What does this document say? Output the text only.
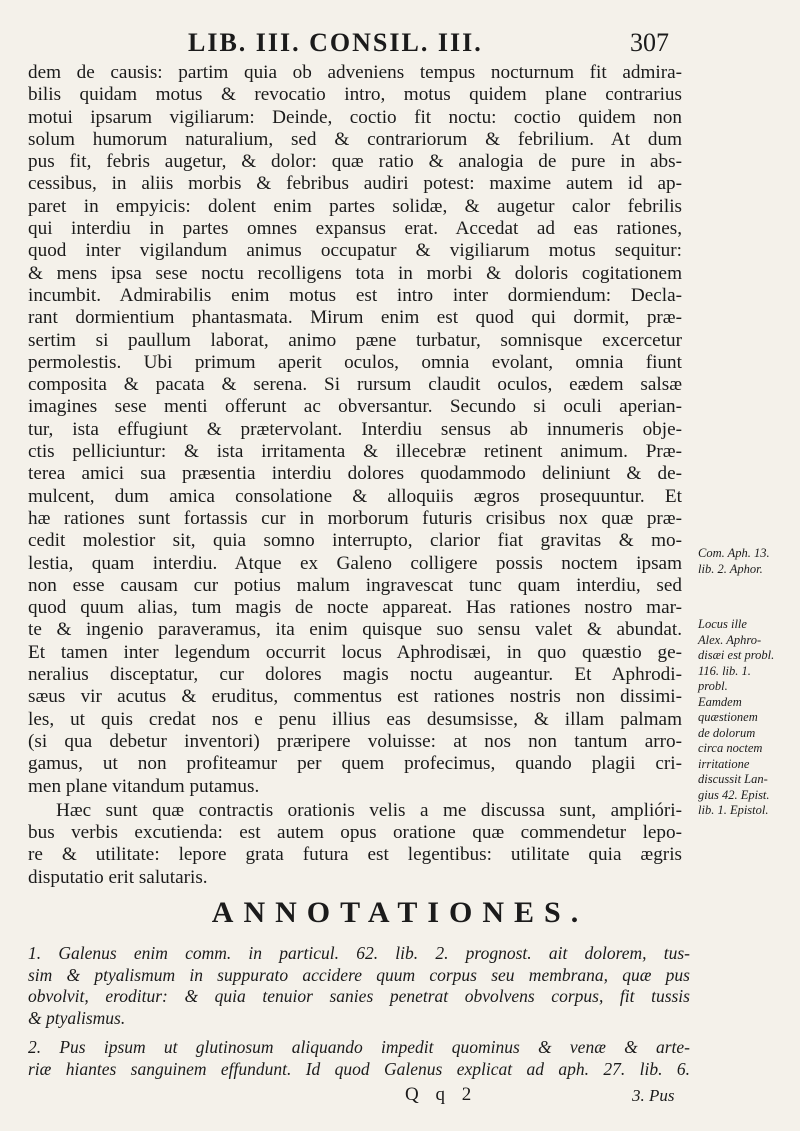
LIB. III. CONSIL. III.	307
dem de causis: partim quia ob adveniens tempus nocturnum fit admira-
bilis quidam motus & revocatio intro, motus quidem plane contrarius
motui ipsarum vigiliarum: Deinde, coctio fit noctu: coctio quidem non
solum humorum naturalium, sed & contrariorum & febrilium. At dum
pus fit, febris augetur, & dolor: quæ ratio & analogia de pure in abs-
cessibus, in aliis morbis & febribus audiri potest: maxime autem id ap-
paret in empyicis: dolent enim partes solidæ, & augetur calor febrilis
qui interdiu in partes omnes expansus erat. Accedat ad eas rationes,
quod inter vigilandum animus occupatur & vigiliarum motus sequitur:
& mens ipsa sese noctu recolligens tota in morbi & doloris cogitationem
incumbit. Admirabilis enim motus est intro inter dormiendum: Decla-
rant dormientium phantasmata. Mirum enim est quod qui dormit, præ-
sertim si paullum laborat, animo pæne turbatur, somnisque excercetur
permolestis. Ubi primum aperit oculos, omnia evolant, omnia fiunt
composita & pacata & serena. Si rursum claudit oculos, eædem salsæ
imagines sese menti offerunt ac obversantur. Secundo si oculi aperian-
tur, ista effugiunt & prætervolant. Interdiu sensus ab innumeris obje-
ctis pelliciuntur: & ista irritamenta & illecebræ retinent animum. Præ-
terea amici sua præsentia interdiu dolores quodammodo deliniunt & de-
mulcent, dum amica consolatione & alloquiis ægros prosequuntur. Et
hæ rationes sunt fortassis cur in morborum futuris crisibus nox quæ præ-
cedit molestior sit, quia somno interrupto, clarior fiat gravitas & mo-
lestia, quam interdiu. Atque ex Galeno colligere possis noctem ipsam
non esse causam cur potius malum ingravescat tunc quam interdiu, sed
quod quum alias, tum magis de nocte appareat. Has rationes nostro mar-
te & ingenio paraveramus, ita enim quisque suo sensu valet & abundat.
Et tamen inter legendum occurrit locus Aphrodisæi, in quo quæstio ge-
neralius disceptatur, cur dolores magis noctu augeantur. Et Aphrodi-
sæus vir acutus & eruditus, commentus est rationes nostris non dissimi-
les, ut quis credat nos e penu illius eas desumsisse, & illam palmam
(si qua debetur inventori) præripere voluisse: at nos non tantum arro-
gamus, ut non profiteamur per quem profecimus, quando plagii cri-
men plane vitandum putamus.
Hæc sunt quæ contractis orationis velis a me discussa sunt, amplióri-
bus verbis excutienda: est autem opus oratione quæ commendetur lepo-
re & utilitate: lepore grata futura est legentibus: utilitate quia ægris
disputatio erit salutaris.
Com. Aph. 13.
lib. 2. Aphor.
Locus ille
Alex. Aphro-
disæi est probl.
116. lib. 1.
probl.
Eamdem
quæstionem
de dolorum
circa noctem
irritatione
discussit Lan-
gius 42. Epist.
lib. 1. Epistol.
ANNOTATIONES.
1. Galenus enim comm. in particul. 62. lib. 2. prognost. ait dolorem, tus-
sim & ptyalismum in suppurato accidere quum corpus seu membrana, quæ pus
obvolvit, eroditur: & quia tenuior sanies penetrat obvolvens corpus, fit tussis
& ptyalismus.
2. Pus ipsum ut glutinosum aliquando impedit quominus & venæ & arte-
riæ hiantes sanguinem effundunt. Id quod Galenus explicat ad aph. 27. lib. 6.
Q q 2	3. Pus
